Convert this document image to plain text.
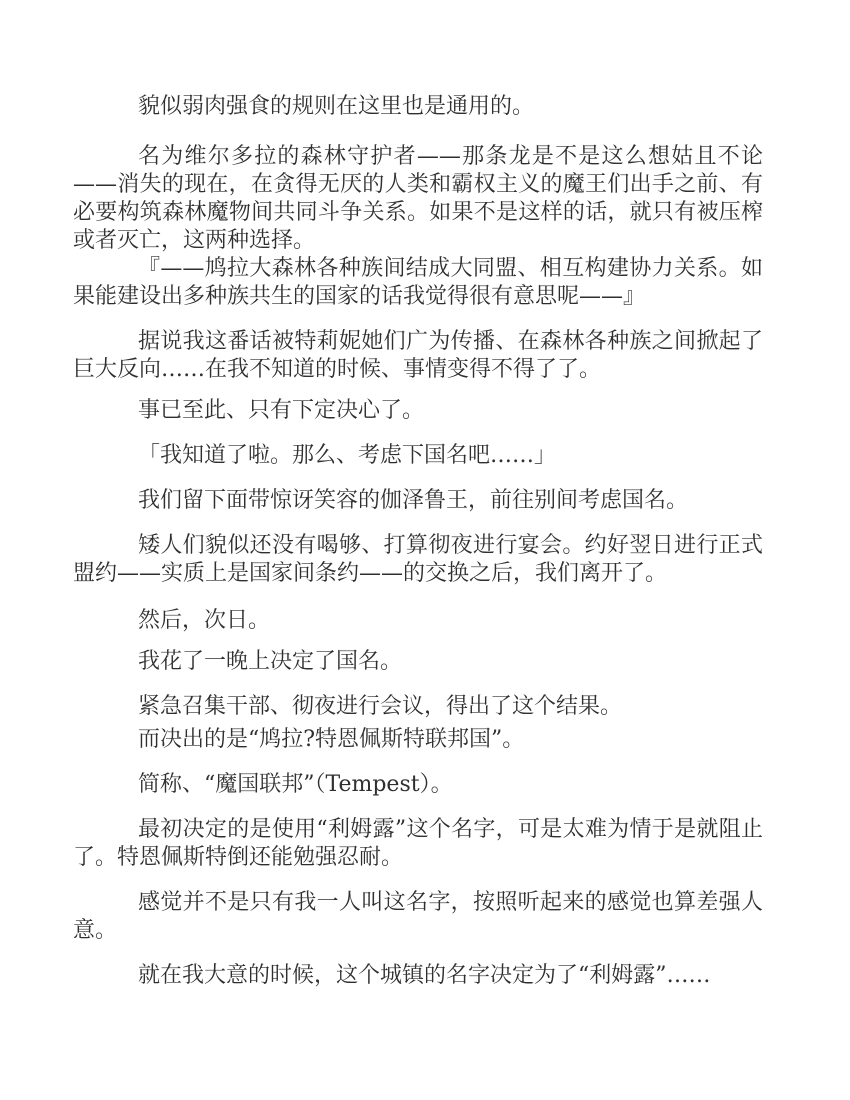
貌似弱肉强食的规则在这里也是通用的。

名为维尔多拉的森林守护者——那条龙是不是这么想姑且不论——消失的现在，在贪得无厌的人类和霸权主义的魔王们出手之前、有必要构筑森林魔物间共同斗争关系。如果不是这样的话，就只有被压榨或者灭亡，这两种选择。

『——鸠拉大森林各种族间结成大同盟、相互构建协力关系。如果能建设出多种族共生的国家的话我觉得很有意思呢——』

据说我这番话被特莉妮她们广为传播、在森林各种族之间掀起了巨大反向……在我不知道的时候、事情变得不得了了。

事已至此、只有下定决心了。

「我知道了啦。那么、考虑下国名吧……」

我们留下面带惊讶笑容的伽泽鲁王，前往别间考虑国名。

矮人们貌似还没有喝够、打算彻夜进行宴会。约好翌日进行正式盟约——实质上是国家间条约——的交换之后，我们离开了。

然后，次日。

我花了一晚上决定了国名。

紧急召集干部、彻夜进行会议，得出了这个结果。

而决出的是“鸠拉?特恩佩斯特联邦国”。

简称、“魔国联邦”（Tempest）。

最初决定的是使用“利姆露”这个名字，可是太难为情于是就阻止了。特恩佩斯特倒还能勉强忍耐。

感觉并不是只有我一人叫这名字，按照听起来的感觉也算差强人意。

就在我大意的时候，这个城镇的名字决定为了“利姆露”……
